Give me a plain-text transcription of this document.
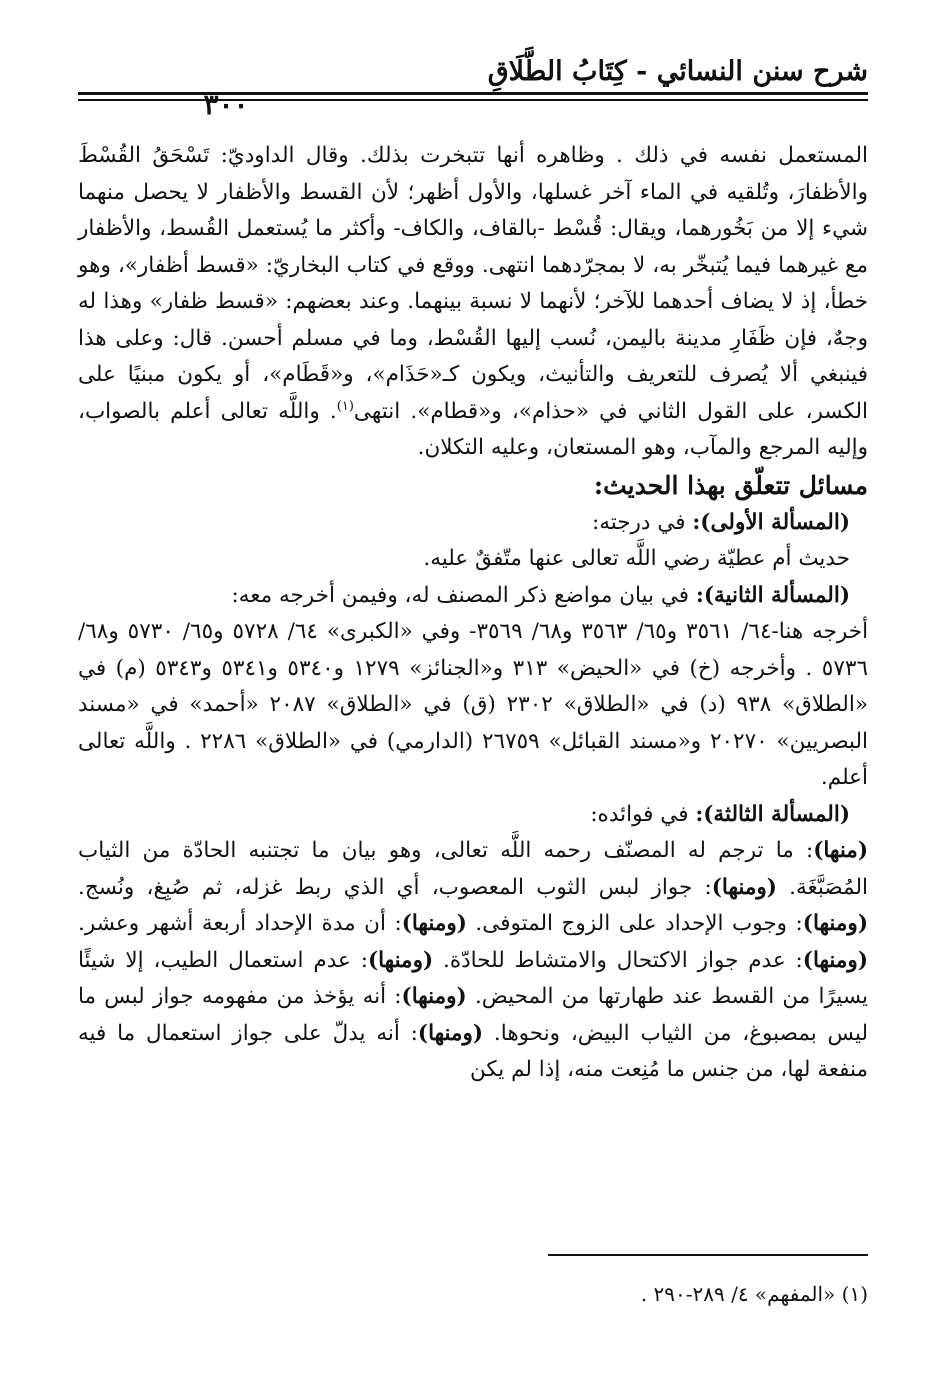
شرح سنن النسائي - كِتَابُ الطَّلَاقِ
٣٠٠

المستعمل نفسه في ذلك . وظاهره أنها تتبخرت بذلك. وقال الداوديّ: تَسْحَقُ القُسْطَ والأظفارَ، وتُلقيه في الماء آخر غسلها، والأول أظهر؛ لأن القسط والأظفار لا يحصل منهما شيء إلا من بَخُورهما، ويقال: قُسْط -بالقاف، والكاف- وأكثر ما يُستعمل القُسط، والأظفار مع غيرهما فيما يُتبخّر به، لا بمجرّدهما انتهى. ووقع في كتاب البخاريّ: «قسط أظفار»، وهو خطأ، إذ لا يضاف أحدهما للآخر؛ لأنهما لا نسبة بينهما. وعند بعضهم: «قسط ظفار» وهذا له وجهٌ، فإن ظَفَارِ مدينة باليمن، نُسب إليها القُسْط، وما في مسلم أحسن. قال: وعلى هذا فينبغي ألا يُصرف للتعريف والتأنيث، ويكون كـ«حَذَام»، و«قَطَام»، أو يكون مبنيًا على الكسر، على القول الثاني في «حذام»، و«قطام». انتهى$^{(١)}$. واللَّه تعالى أعلم بالصواب، وإليه المرجع والمآب، وهو المستعان، وعليه التكلان.

مسائل تتعلّق بهذا الحديث:

(المسألة الأولى): في درجته:

حديث أم عطيّة رضي اللَّه تعالى عنها متّفقٌ عليه.

(المسألة الثانية): في بيان مواضع ذكر المصنف له، وفيمن أخرجه معه:

أخرجه هنا-٦٤/ ٣٥٦١ و٦٥/ ٣٥٦٣ و٦٨/ ٣٥٦٩- وفي «الكبرى» ٦٤/ ٥٧٢٨ و٦٥/ ٥٧٣٠ و٦٨/ ٥٧٣٦ . وأخرجه (خ) في «الحيض» ٣١٣ و«الجنائز» ١٢٧٩ و٥٣٤٠ و٥٣٤١ و٥٣٤٣ (م) في «الطلاق» ٩٣٨ (د) في «الطلاق» ٢٣٠٢ (ق) في «الطلاق» ٢٠٨٧ «أحمد» في «مسند البصريين» ٢٠٢٧٠ و«مسند القبائل» ٢٦٧٥٩ (الدارمي) في «الطلاق» ٢٢٨٦ . واللَّه تعالى أعلم.

(المسألة الثالثة): في فوائده:

(منها): ما ترجم له المصنّف رحمه اللَّه تعالى، وهو بيان ما تجتنبه الحادّة من الثياب المُصَبَّغَة. (ومنها): جواز لبس الثوب المعصوب، أي الذي ربط غزله، ثم صُبِغ، ونُسج. (ومنها): وجوب الإحداد على الزوج المتوفى. (ومنها): أن مدة الإحداد أربعة أشهر وعشر. (ومنها): عدم جواز الاكتحال والامتشاط للحادّة. (ومنها): عدم استعمال الطيب، إلا شيئًا يسيرًا من القسط عند طهارتها من المحيض. (ومنها): أنه يؤخذ من مفهومه جواز لبس ما ليس بمصبوغ، من الثياب البيض، ونحوها. (ومنها): أنه يدلّ على جواز استعمال ما فيه منفعة لها، من جنس ما مُنِعت منه، إذا لم يكن

(١) «المفهم» ٤/ ٢٨٩-٢٩٠ .
